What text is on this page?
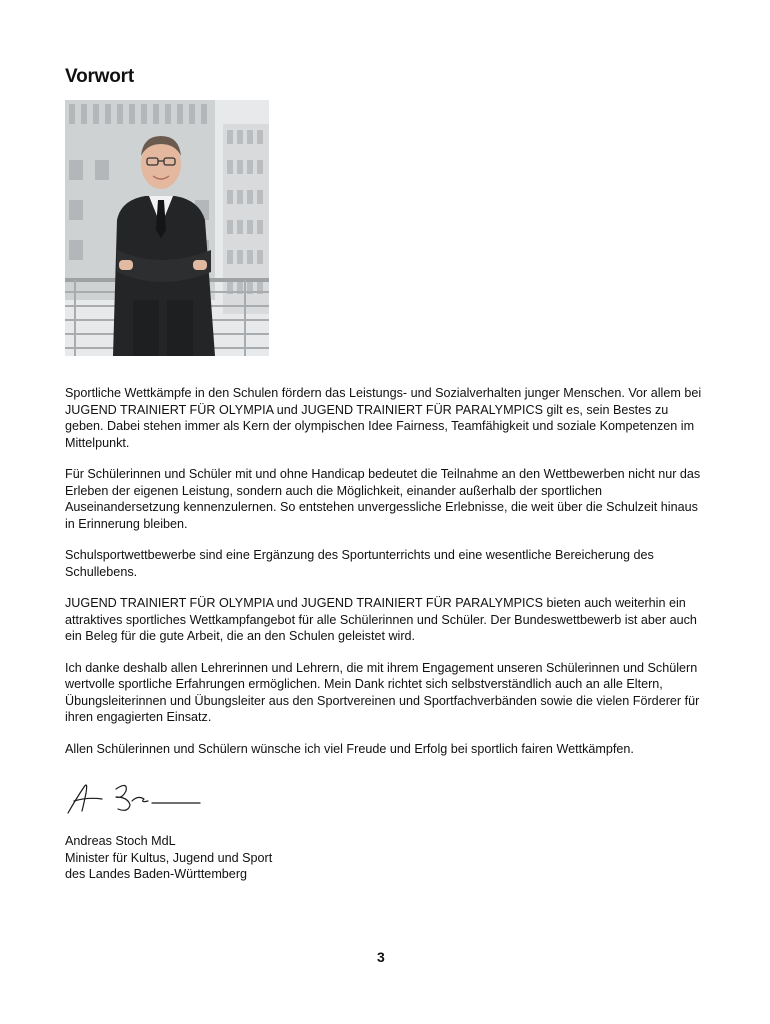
Vorwort

Sportliche Wettkämpfe in den Schulen fördern das Leistungs- und Sozialverhalten junger Menschen. Vor allem bei JUGEND TRAINIERT FÜR OLYMPIA und JUGEND TRAINIERT FÜR PARALYMPICS gilt es, sein Bestes zu geben. Dabei stehen immer als Kern der olympischen Idee Fairness, Teamfähigkeit und soziale Kompetenzen im Mittelpunkt.

Für Schülerinnen und Schüler mit und ohne Handicap bedeutet die Teilnahme an den Wettbewerben nicht nur das Erleben der eigenen Leistung, sondern auch die Möglichkeit, einander außerhalb der sportlichen Auseinandersetzung kennenzulernen. So entstehen unvergessliche Erlebnisse, die weit über die Schulzeit hinaus in Erinnerung bleiben.

Schulsportwettbewerbe sind eine Ergänzung des Sportunterrichts und eine wesentliche Bereicherung des Schullebens.

JUGEND TRAINIERT FÜR OLYMPIA und JUGEND TRAINIERT FÜR PARALYMPICS bieten auch weiterhin ein attraktives sportliches Wettkampfangebot für alle Schülerinnen und Schüler. Der Bundeswettbewerb ist aber auch ein Beleg für die gute Arbeit, die an den Schulen geleistet wird.

Ich danke deshalb allen Lehrerinnen und Lehrern, die mit ihrem Engagement unseren Schülerinnen und Schülern wertvolle sportliche Erfahrungen ermöglichen. Mein Dank richtet sich selbstverständlich auch an alle Eltern, Übungsleiterinnen und Übungsleiter aus den Sportvereinen und Sportfachverbänden sowie die vielen Förderer für ihren engagierten Einsatz.

Allen Schülerinnen und Schülern wünsche ich viel Freude und Erfolg bei sportlich fairen Wettkämpfen.

Andreas Stoch MdL
Minister für Kultus, Jugend und Sport
des Landes Baden-Württemberg
3
